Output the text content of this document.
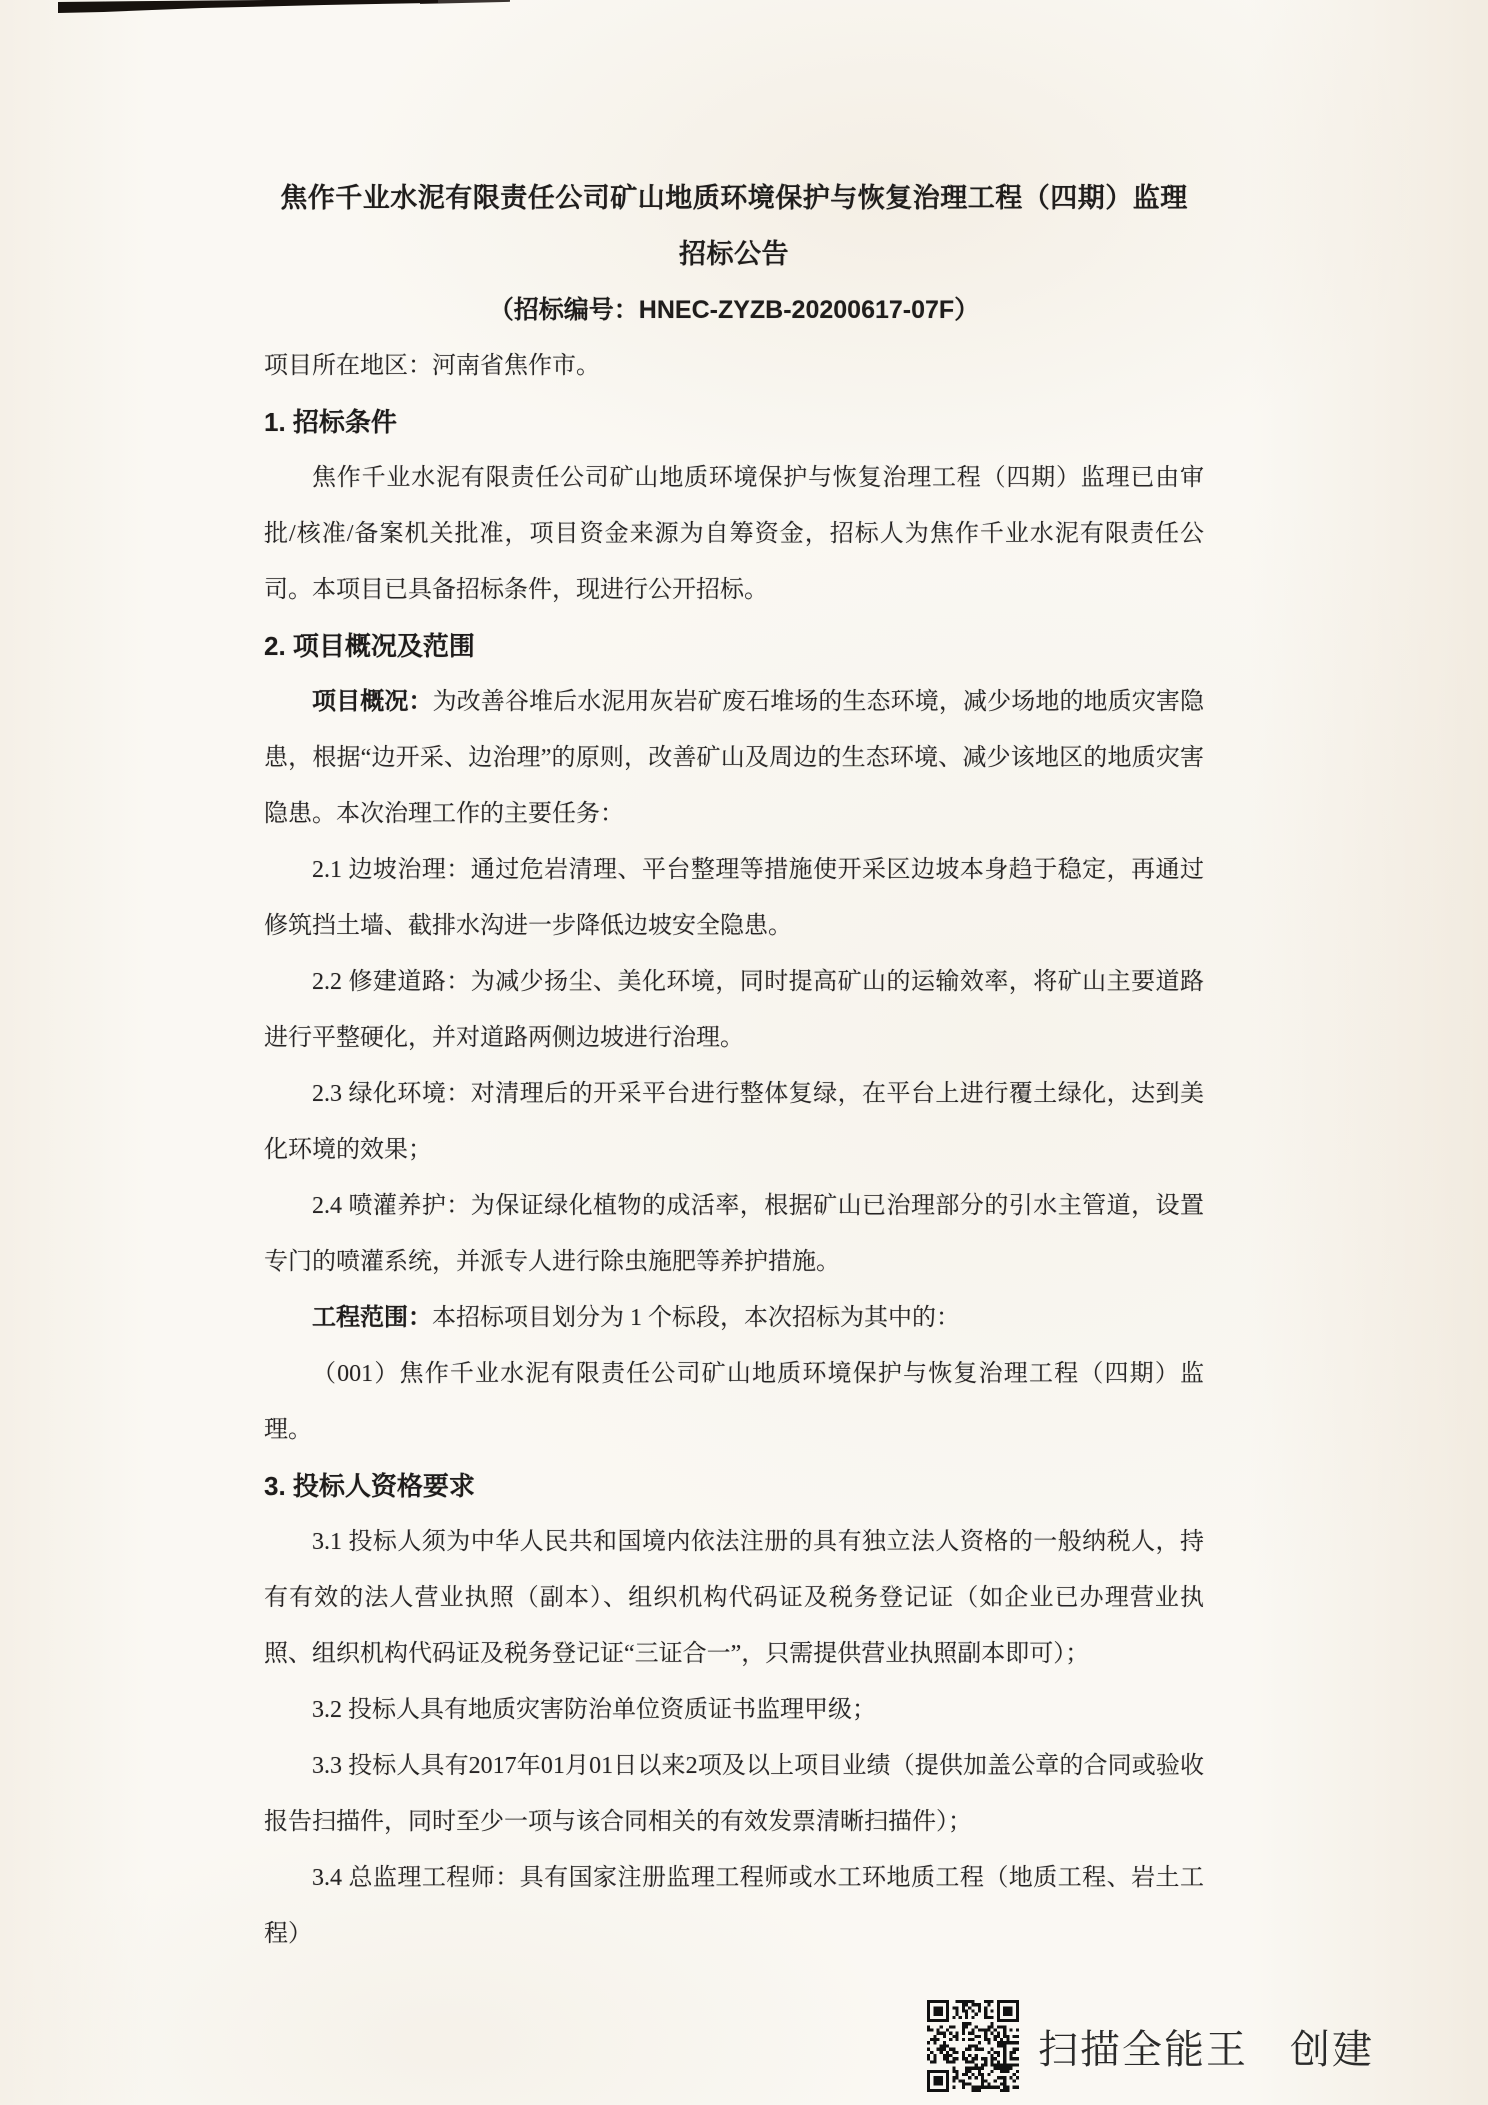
焦作千业水泥有限责任公司矿山地质环境保护与恢复治理工程（四期）监理
招标公告
（招标编号：HNEC-ZYZB-20200617-07F）
项目所在地区：河南省焦作市。
1. 招标条件
焦作千业水泥有限责任公司矿山地质环境保护与恢复治理工程（四期）监理已由审批/核准/备案机关批准，项目资金来源为自筹资金，招标人为焦作千业水泥有限责任公司。本项目已具备招标条件，现进行公开招标。
2. 项目概况及范围
项目概况：为改善谷堆后水泥用灰岩矿废石堆场的生态环境，减少场地的地质灾害隐患，根据“边开采、边治理”的原则，改善矿山及周边的生态环境、减少该地区的地质灾害隐患。本次治理工作的主要任务：
2.1 边坡治理：通过危岩清理、平台整理等措施使开采区边坡本身趋于稳定，再通过修筑挡土墙、截排水沟进一步降低边坡安全隐患。
2.2 修建道路：为减少扬尘、美化环境，同时提高矿山的运输效率，将矿山主要道路进行平整硬化，并对道路两侧边坡进行治理。
2.3 绿化环境：对清理后的开采平台进行整体复绿，在平台上进行覆土绿化，达到美化环境的效果；
2.4 喷灌养护：为保证绿化植物的成活率，根据矿山已治理部分的引水主管道，设置专门的喷灌系统，并派专人进行除虫施肥等养护措施。
工程范围：本招标项目划分为 1 个标段，本次招标为其中的：
（001）焦作千业水泥有限责任公司矿山地质环境保护与恢复治理工程（四期）监理。
3. 投标人资格要求
3.1 投标人须为中华人民共和国境内依法注册的具有独立法人资格的一般纳税人，持有有效的法人营业执照（副本）、组织机构代码证及税务登记证（如企业已办理营业执照、组织机构代码证及税务登记证“三证合一”，只需提供营业执照副本即可）；
3.2 投标人具有地质灾害防治单位资质证书监理甲级；
3.3 投标人具有2017年01月01日以来2项及以上项目业绩（提供加盖公章的合同或验收报告扫描件，同时至少一项与该合同相关的有效发票清晰扫描件）；
3.4 总监理工程师：具有国家注册监理工程师或水工环地质工程（地质工程、岩土工程）
扫描全能王　创建
